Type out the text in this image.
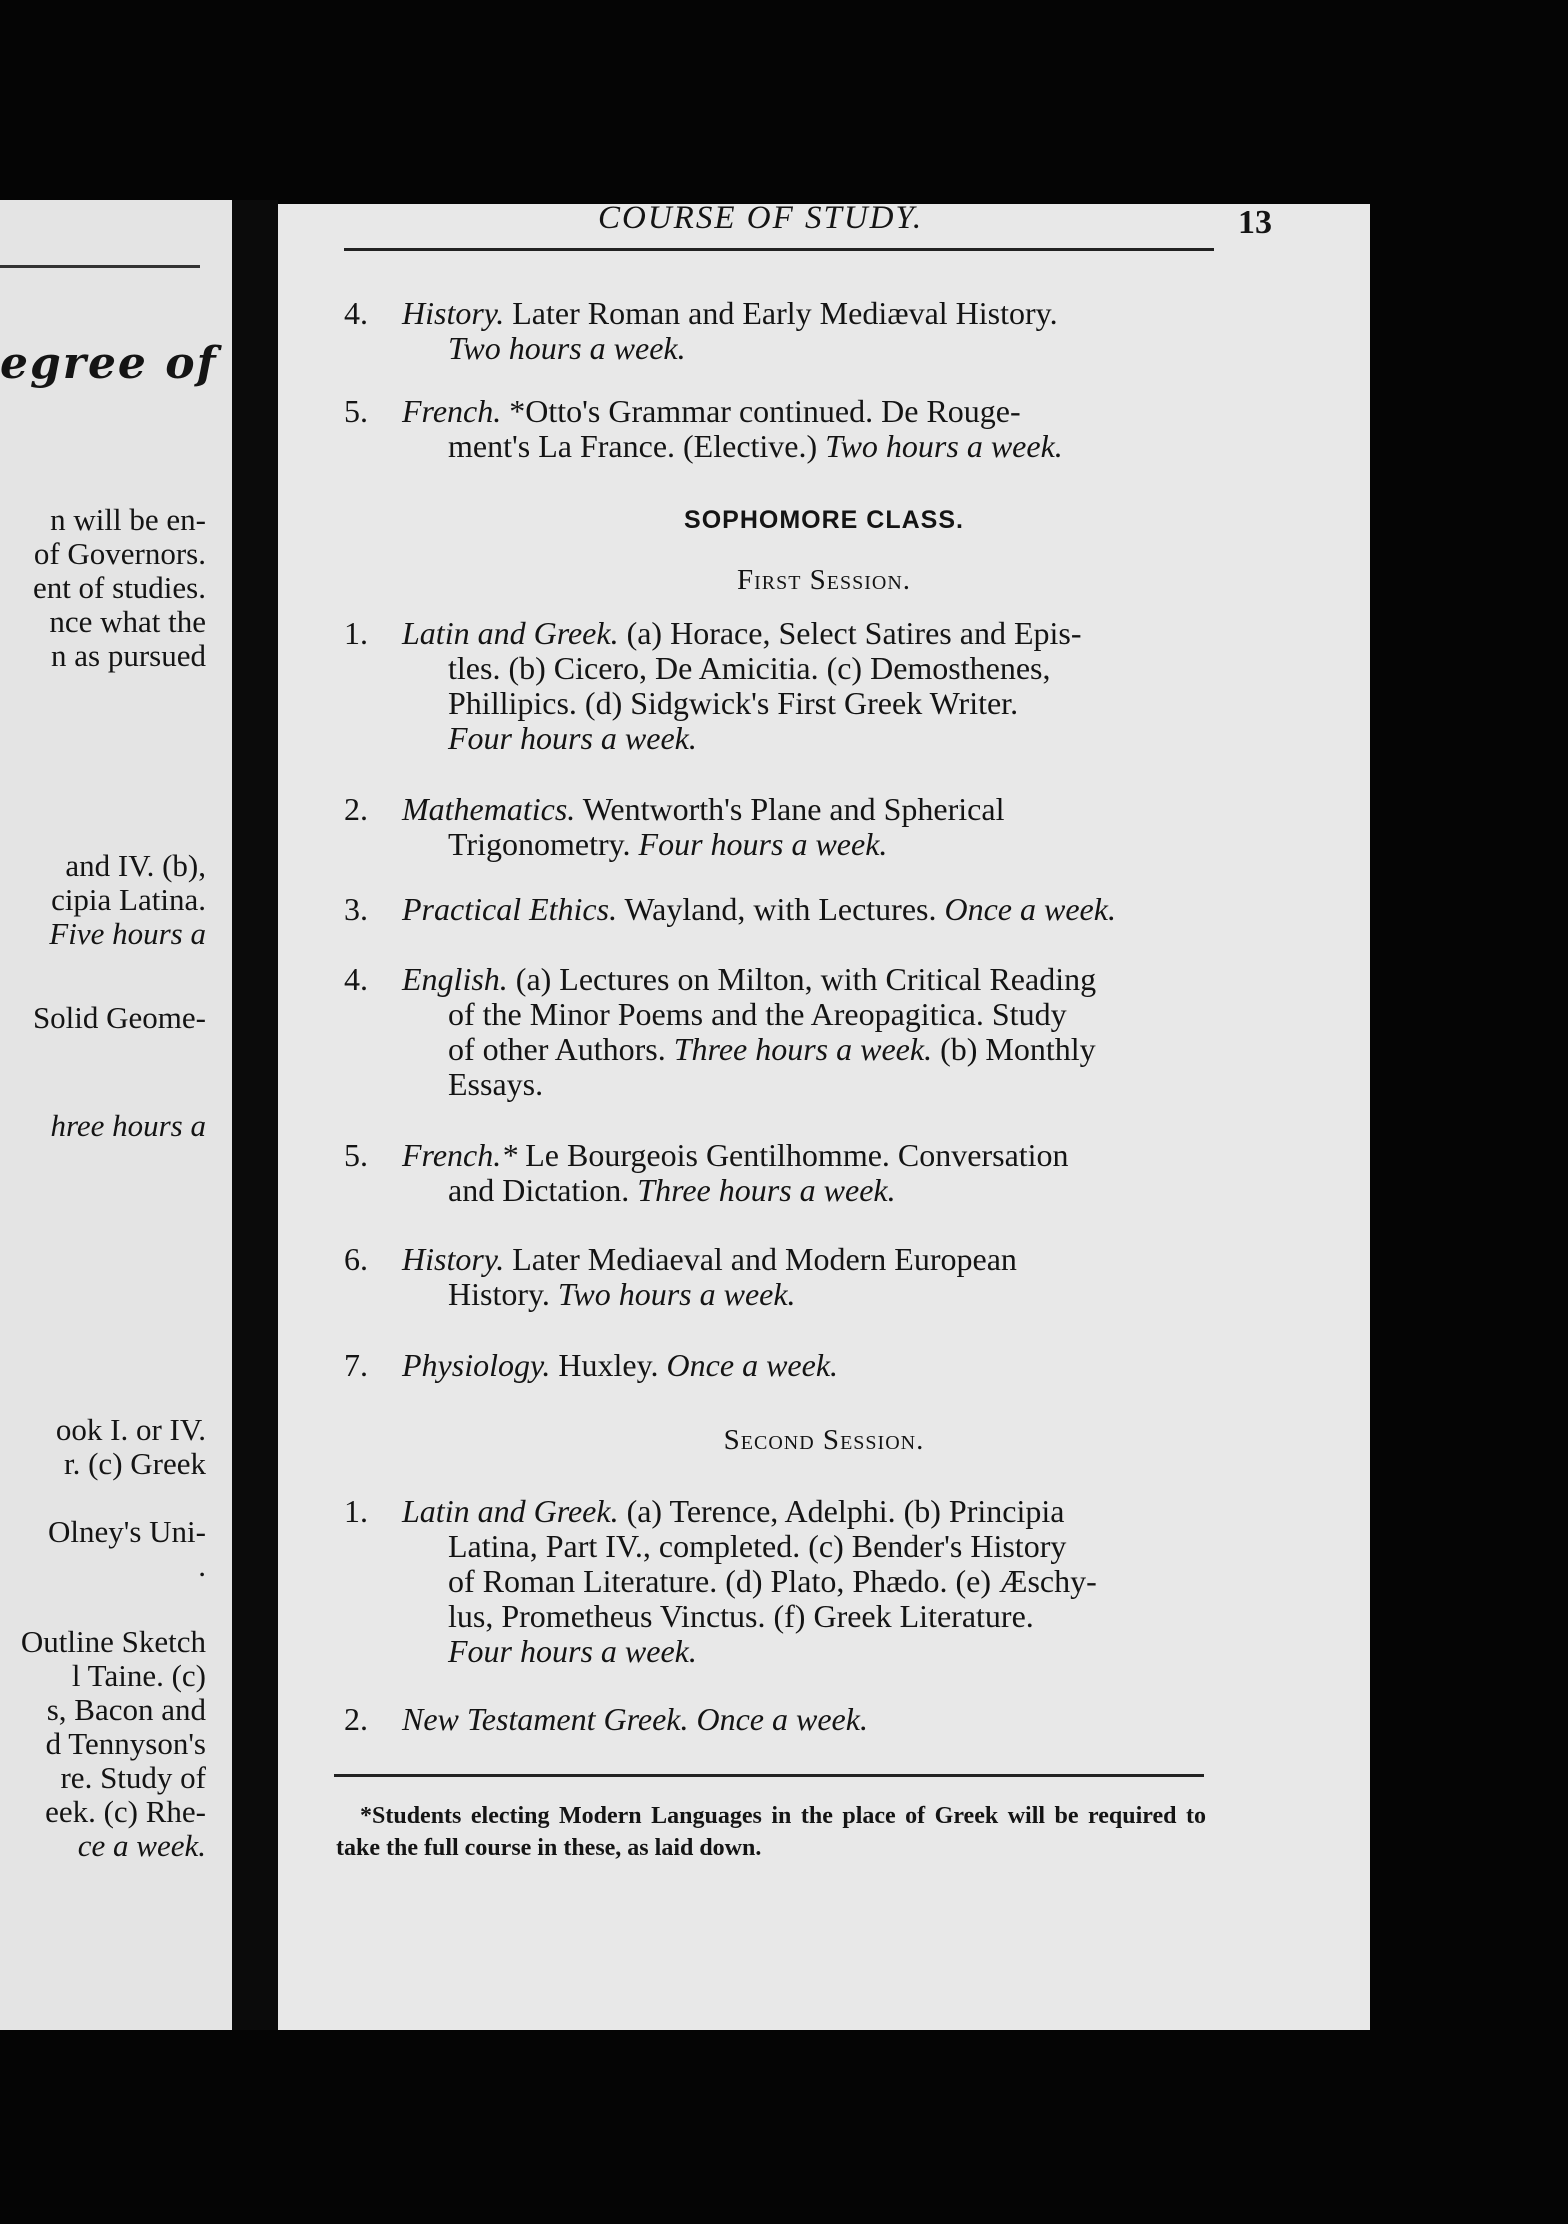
egree of
n will be en-
of Governors.
ent of studies.
nce what the
n as pursued
and IV. (b),
cipia Latina.
Five hours a
Solid Geome-
hree hours a
ook I. or IV.
r. (c) Greek
Olney's Uni-
.
Outline Sketch
l Taine. (c)
s, Bacon and
d Tennyson's
re. Study of
eek. (c) Rhe-
ce a week.
COURSE OF STUDY.	13
4.	History. Later Roman and Early Mediæval History.
Two hours a week.
5.	French. *Otto's Grammar continued. De Rouge-
ment's La France. (Elective.) Two hours a week.
SOPHOMORE CLASS.
First Session.
1.	Latin and Greek. (a) Horace, Select Satires and Epis-
tles. (b) Cicero, De Amicitia. (c) Demosthenes,
Phillipics. (d) Sidgwick's First Greek Writer.
Four hours a week.
2.	Mathematics. Wentworth's Plane and Spherical
Trigonometry. Four hours a week.
3.	Practical Ethics. Wayland, with Lectures. Once a week.
4.	English. (a) Lectures on Milton, with Critical Reading
of the Minor Poems and the Areopagitica. Study
of other Authors. Three hours a week. (b) Monthly
Essays.
5.	French.* Le Bourgeois Gentilhomme. Conversation
and Dictation. Three hours a week.
6.	History. Later Mediaeval and Modern European
History. Two hours a week.
7.	Physiology. Huxley. Once a week.
Second Session.
1.	Latin and Greek. (a) Terence, Adelphi. (b) Principia
Latina, Part IV., completed. (c) Bender's History
of Roman Literature. (d) Plato, Phædo. (e) Æschy-
lus, Prometheus Vinctus. (f) Greek Literature.
Four hours a week.
2.	New Testament Greek. Once a week.
*Students electing Modern Languages in the place of Greek will be required to take the full course in these, as laid down.
